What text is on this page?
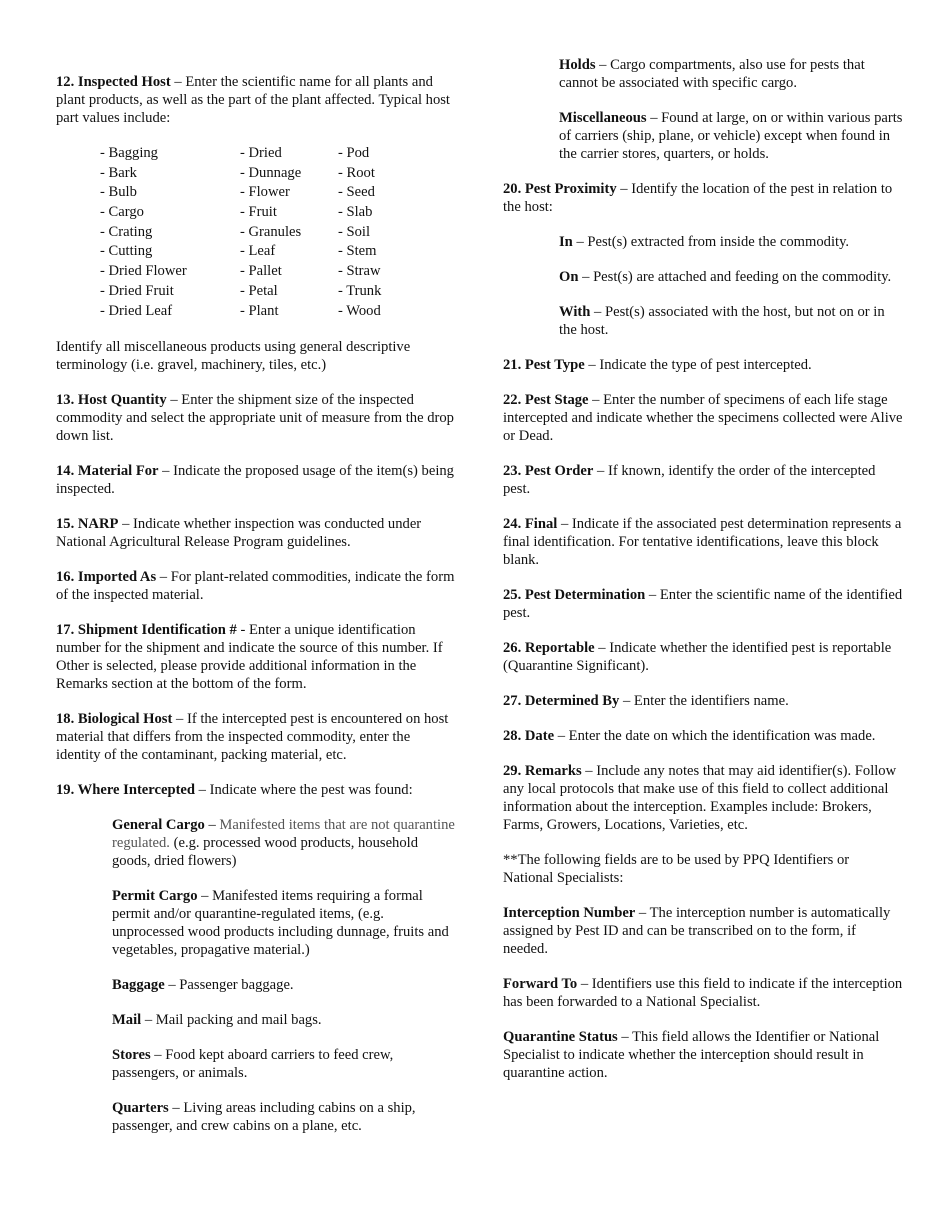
12. Inspected Host – Enter the scientific name for all plants and plant products, as well as the part of the plant affected. Typical host part values include:

- Bagging	- Dried	- Pod
- Bark	- Dunnage	- Root
- Bulb	- Flower	- Seed
- Cargo	- Fruit	- Slab
- Crating	- Granules	- Soil
- Cutting	- Leaf	- Stem
- Dried Flower	- Pallet	- Straw
- Dried Fruit	- Petal	- Trunk
- Dried Leaf	- Plant	- Wood

Identify all miscellaneous products using general descriptive terminology (i.e. gravel, machinery, tiles, etc.)

13. Host Quantity – Enter the shipment size of the inspected commodity and select the appropriate unit of measure from the drop down list.

14. Material For – Indicate the proposed usage of the item(s) being inspected.

15. NARP – Indicate whether inspection was conducted under National Agricultural Release Program guidelines.

16. Imported As – For plant-related commodities, indicate the form of the inspected material.

17. Shipment Identification # - Enter a unique identification number for the shipment and indicate the source of this number. If Other is selected, please provide additional information in the Remarks section at the bottom of the form.

18. Biological Host – If the intercepted pest is encountered on host material that differs from the inspected commodity, enter the identity of the contaminant, packing material, etc.

19. Where Intercepted – Indicate where the pest was found:

General Cargo – Manifested items that are not quarantine regulated. (e.g. processed wood products, household goods, dried flowers)

Permit Cargo – Manifested items requiring a formal permit and/or quarantine-regulated items, (e.g. unprocessed wood products including dunnage, fruits and vegetables, propagative material.)

Baggage – Passenger baggage.

Mail – Mail packing and mail bags.

Stores – Food kept aboard carriers to feed crew, passengers, or animals.

Quarters – Living areas including cabins on a ship, passenger, and crew cabins on a plane, etc.

Holds – Cargo compartments, also use for pests that cannot be associated with specific cargo.

Miscellaneous – Found at large, on or within various parts of carriers (ship, plane, or vehicle) except when found in the carrier stores, quarters, or holds.

20. Pest Proximity – Identify the location of the pest in relation to the host:

In – Pest(s) extracted from inside the commodity.

On – Pest(s) are attached and feeding on the commodity.

With – Pest(s) associated with the host, but not on or in the host.

21. Pest Type – Indicate the type of pest intercepted.

22. Pest Stage – Enter the number of specimens of each life stage intercepted and indicate whether the specimens collected were Alive or Dead.

23. Pest Order – If known, identify the order of the intercepted pest.

24. Final – Indicate if the associated pest determination represents a final identification. For tentative identifications, leave this block blank.

25. Pest Determination – Enter the scientific name of the identified pest.

26. Reportable – Indicate whether the identified pest is reportable (Quarantine Significant).

27. Determined By – Enter the identifiers name.

28. Date – Enter the date on which the identification was made.

29. Remarks – Include any notes that may aid identifier(s). Follow any local protocols that make use of this field to collect additional information about the interception. Examples include: Brokers, Farms, Growers, Locations, Varieties, etc.

**The following fields are to be used by PPQ Identifiers or National Specialists:

Interception Number – The interception number is automatically assigned by Pest ID and can be transcribed on to the form, if needed.

Forward To – Identifiers use this field to indicate if the interception has been forwarded to a National Specialist.

Quarantine Status – This field allows the Identifier or National Specialist to indicate whether the interception should result in quarantine action.
